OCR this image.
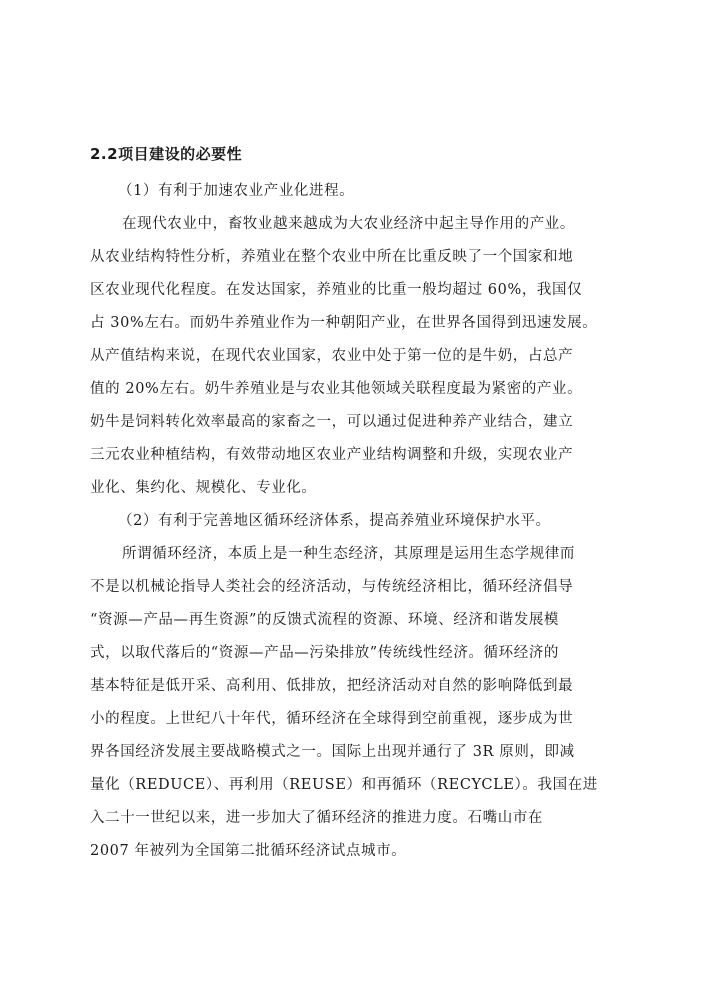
2.2项目建设的必要性
（1）有利于加速农业产业化进程。
在现代农业中，畜牧业越来越成为大农业经济中起主导作用的产业。
从农业结构特性分析，养殖业在整个农业中所在比重反映了一个国家和地
区农业现代化程度。在发达国家，养殖业的比重一般均超过 60%，我国仅
占 30%左右。而奶牛养殖业作为一种朝阳产业，在世界各国得到迅速发展。
从产值结构来说，在现代农业国家，农业中处于第一位的是牛奶，占总产
值的 20%左右。奶牛养殖业是与农业其他领域关联程度最为紧密的产业。
奶牛是饲料转化效率最高的家畜之一，可以通过促进种养产业结合，建立
三元农业种植结构，有效带动地区农业产业结构调整和升级，实现农业产
业化、集约化、规模化、专业化。
（2）有利于完善地区循环经济体系，提高养殖业环境保护水平。
所谓循环经济，本质上是一种生态经济，其原理是运用生态学规律而
不是以机械论指导人类社会的经济活动，与传统经济相比，循环经济倡导
“资源—产品—再生资源”的反馈式流程的资源、环境、经济和谐发展模
式，以取代落后的“资源—产品—污染排放”传统线性经济。循环经济的
基本特征是低开采、高利用、低排放，把经济活动对自然的影响降低到最
小的程度。上世纪八十年代，循环经济在全球得到空前重视，逐步成为世
界各国经济发展主要战略模式之一。国际上出现并通行了 3R 原则，即减
量化（REDUCE）、再利用（REUSE）和再循环（RECYCLE）。我国在进
入二十一世纪以来，进一步加大了循环经济的推进力度。石嘴山市在
2007 年被列为全国第二批循环经济试点城市。
